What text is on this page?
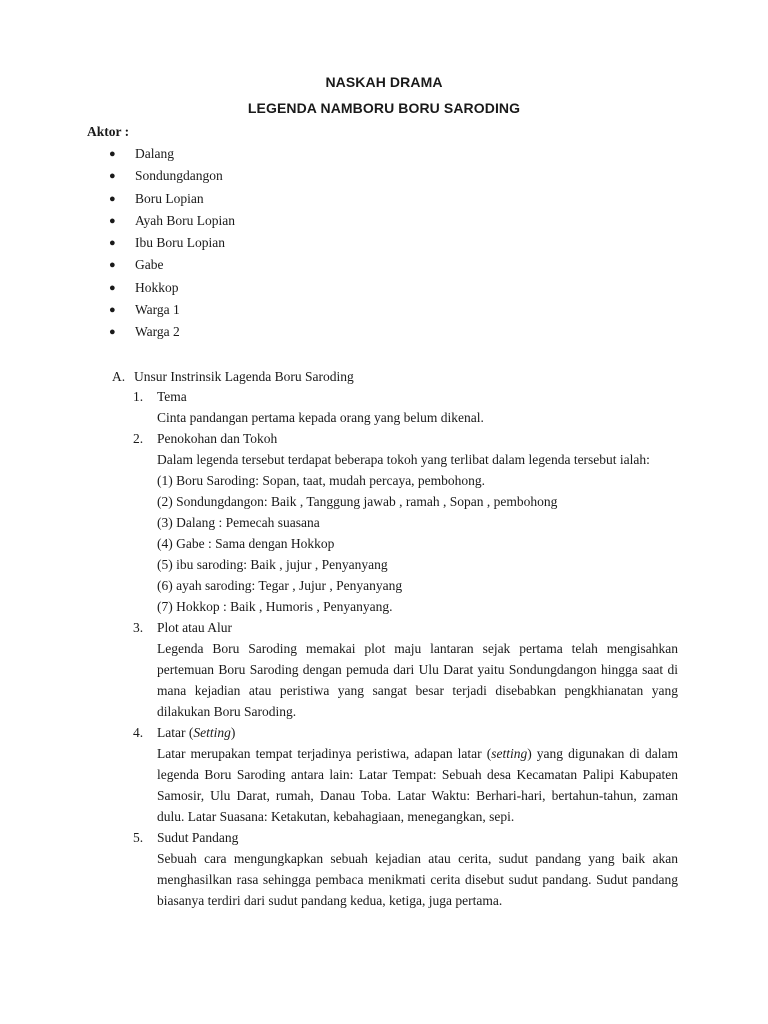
NASKAH DRAMA
LEGENDA NAMBORU BORU SARODING
Aktor :
● Dalang
● Sondungdangon
● Boru Lopian
● Ayah Boru Lopian
● Ibu Boru Lopian
● Gabe
● Hokkop
● Warga 1
● Warga 2
A. Unsur Instrinsik Lagenda Boru Saroding
1.	Tema
Cinta pandangan pertama kepada orang yang belum dikenal.
2.	Penokohan dan Tokoh
Dalam legenda tersebut terdapat beberapa tokoh yang terlibat dalam legenda tersebut ialah:
(1) Boru Saroding: Sopan, taat, mudah percaya, pembohong.
(2) Sondungdangon: Baik , Tanggung jawab , ramah , Sopan , pembohong
(3) Dalang : Pemecah suasana
(4) Gabe : Sama dengan Hokkop
(5) ibu saroding: Baik , jujur , Penyanyang
(6) ayah saroding: Tegar , Jujur , Penyanyang
(7) Hokkop : Baik , Humoris , Penyanyang.
3.	Plot atau Alur
Legenda Boru Saroding memakai plot maju lantaran sejak pertama telah mengisahkan pertemuan Boru Saroding dengan pemuda dari Ulu Darat yaitu Sondungdangon hingga saat di mana kejadian atau peristiwa yang sangat besar terjadi disebabkan pengkhianatan yang dilakukan Boru Saroding.
4.	Latar (Setting)
Latar merupakan tempat terjadinya peristiwa, adapan latar (setting) yang digunakan di dalam legenda Boru Saroding antara lain: Latar Tempat: Sebuah desa Kecamatan Palipi Kabupaten Samosir, Ulu Darat, rumah, Danau Toba. Latar Waktu: Berhari-hari, bertahun-tahun, zaman dulu. Latar Suasana: Ketakutan, kebahagiaan, menegangkan, sepi.
5.	Sudut Pandang
Sebuah cara mengungkapkan sebuah kejadian atau cerita, sudut pandang yang baik akan menghasilkan rasa sehingga pembaca menikmati cerita disebut sudut pandang. Sudut pandang biasanya terdiri dari sudut pandang kedua, ketiga, juga pertama.
